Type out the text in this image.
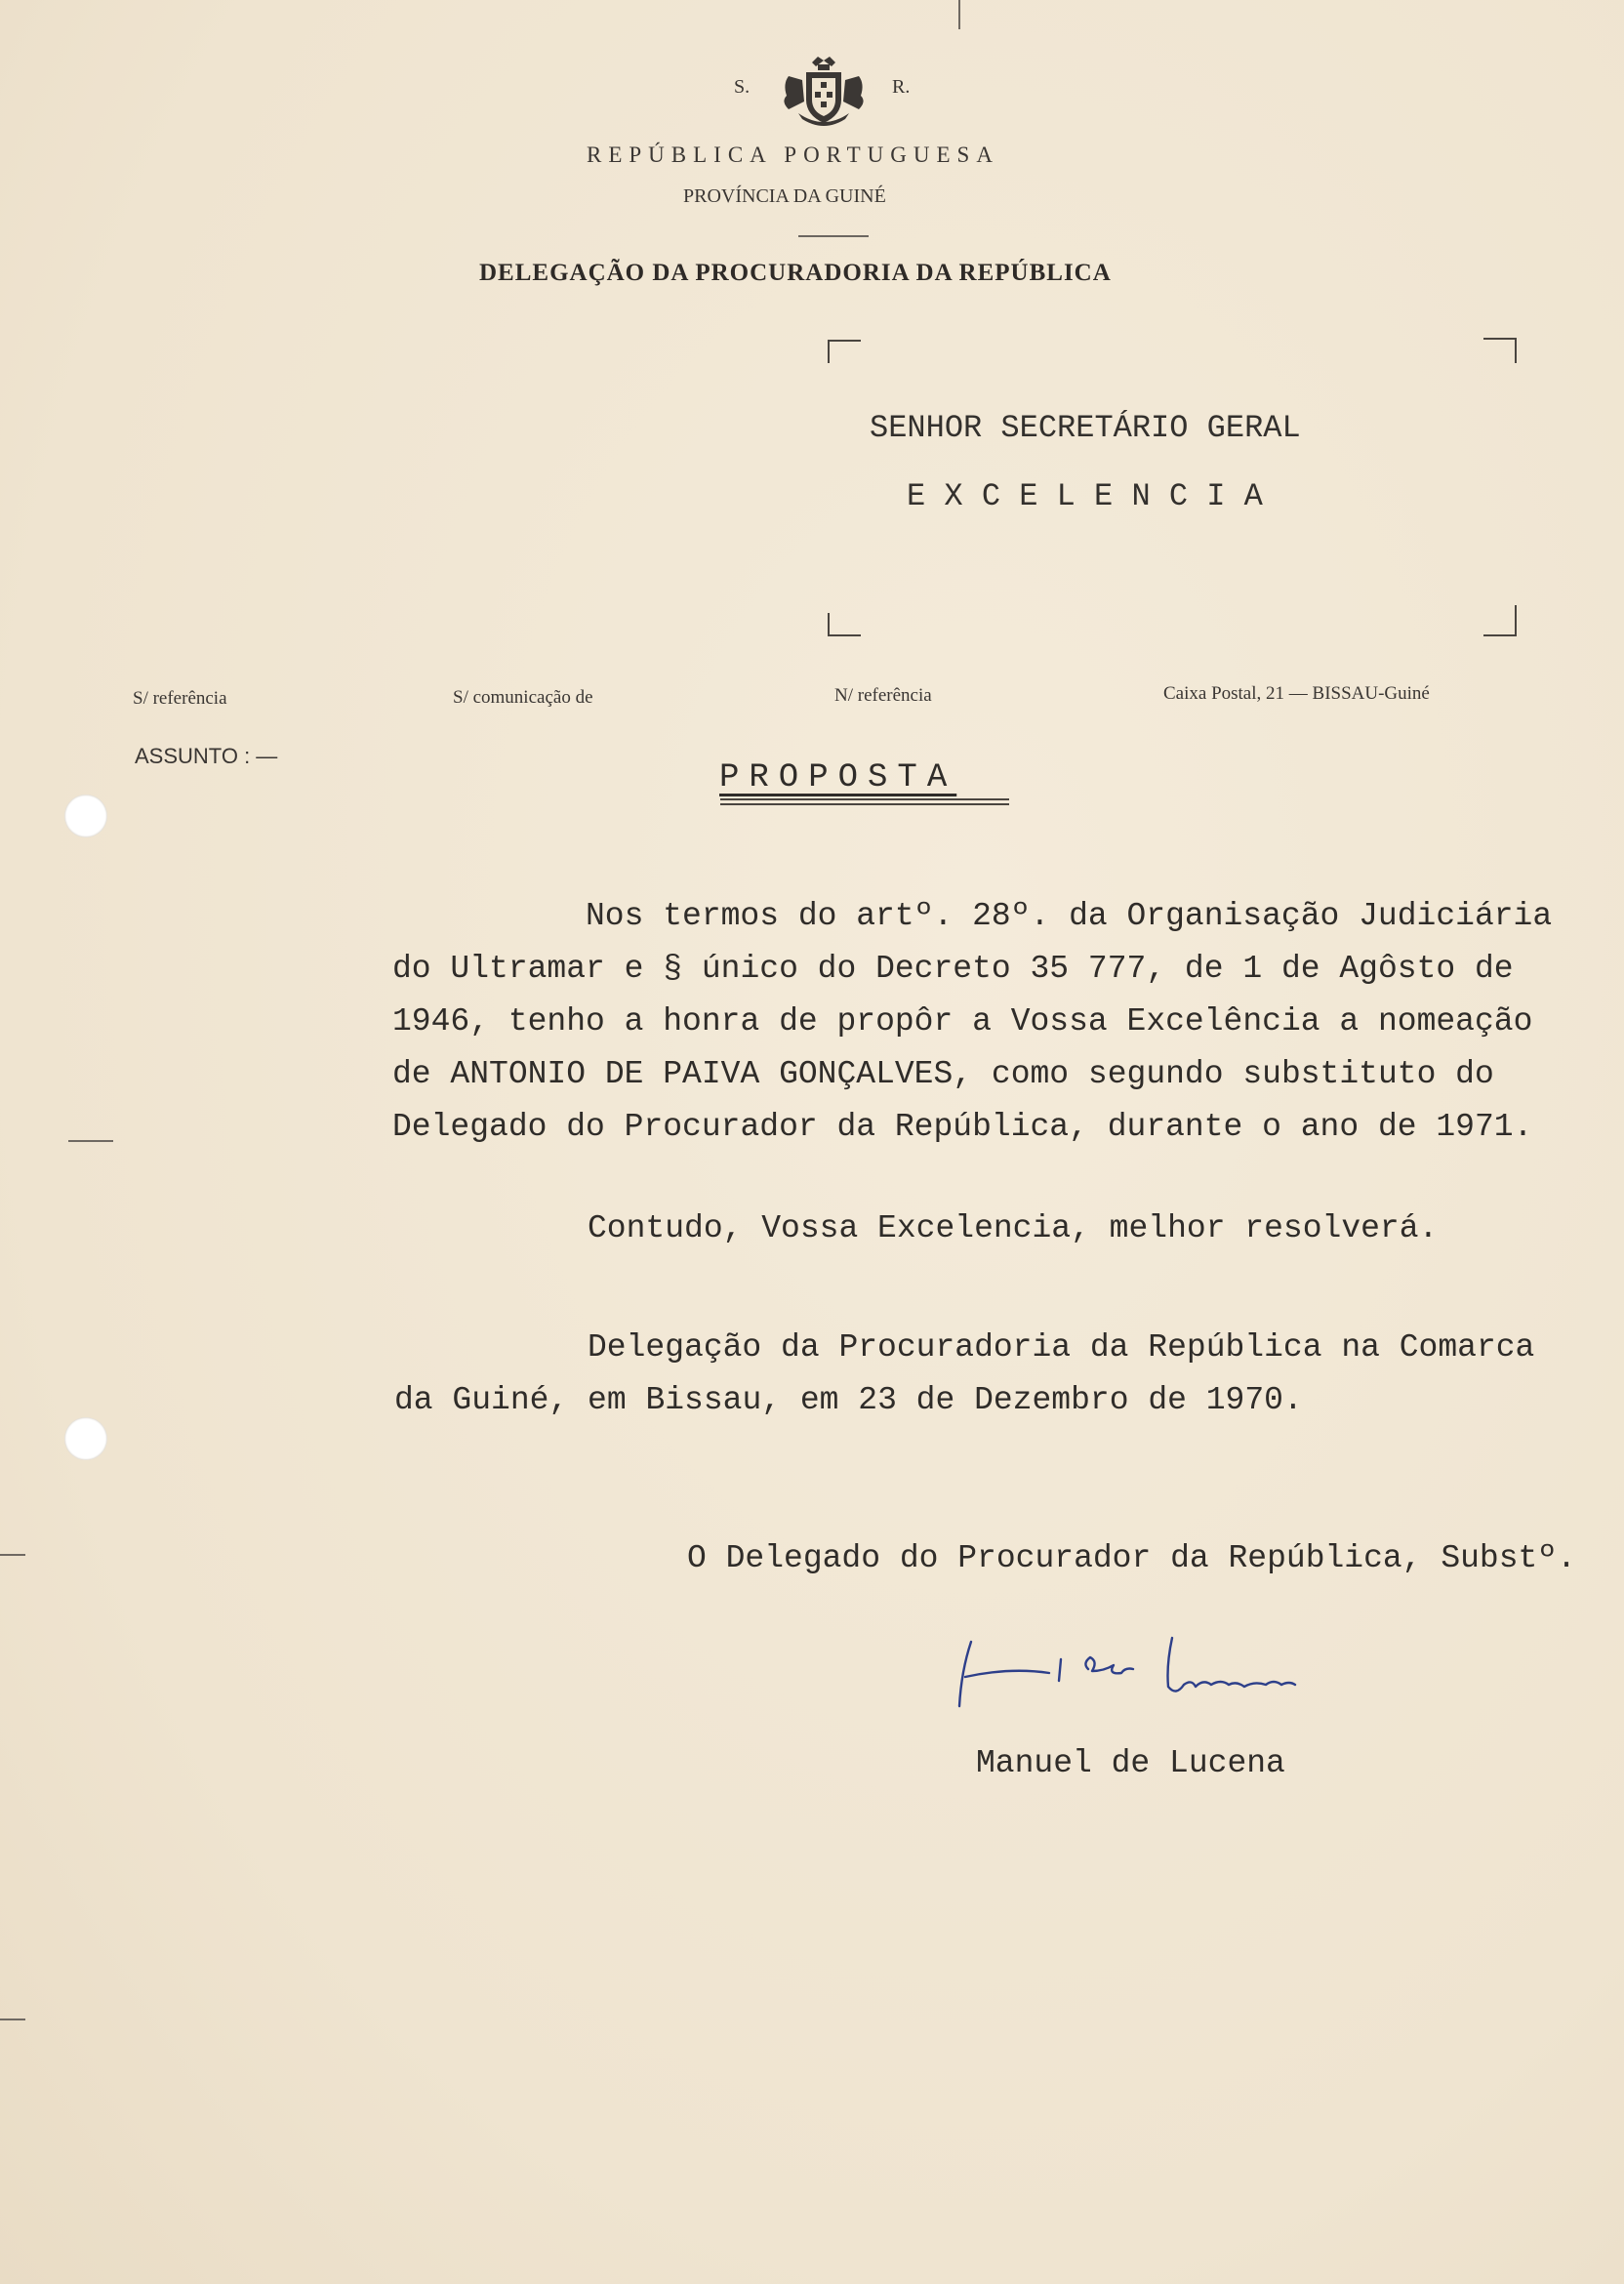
S.	R.
REPÚBLICA PORTUGUESA
PROVÍNCIA DA GUINÉ
DELEGAÇÃO DA PROCURADORIA DA REPÚBLICA
SENHOR SECRETÁRIO GERAL
E X C E L E N C I A
S/ referência	S/ comunicação de	N/ referência	Caixa Postal, 21 — BISSAU-Guiné
ASSUNTO : —
PROPOSTA
Nos termos do artº. 28º. da Organisação Judiciária
do Ultramar e § único do Decreto 35 777, de 1 de Agôsto de
1946, tenho a honra de propôr a Vossa Excelência a nomeação
de ANTONIO DE PAIVA GONÇALVES, como segundo substituto do
Delegado do Procurador da República, durante o ano de 1971.
Contudo, Vossa Excelencia, melhor resolverá.
Delegação da Procuradoria da República na Comarca
da Guiné, em Bissau, em 23 de Dezembro de 1970.
O Delegado do Procurador da República, Substº.
Manuel de Lucena
